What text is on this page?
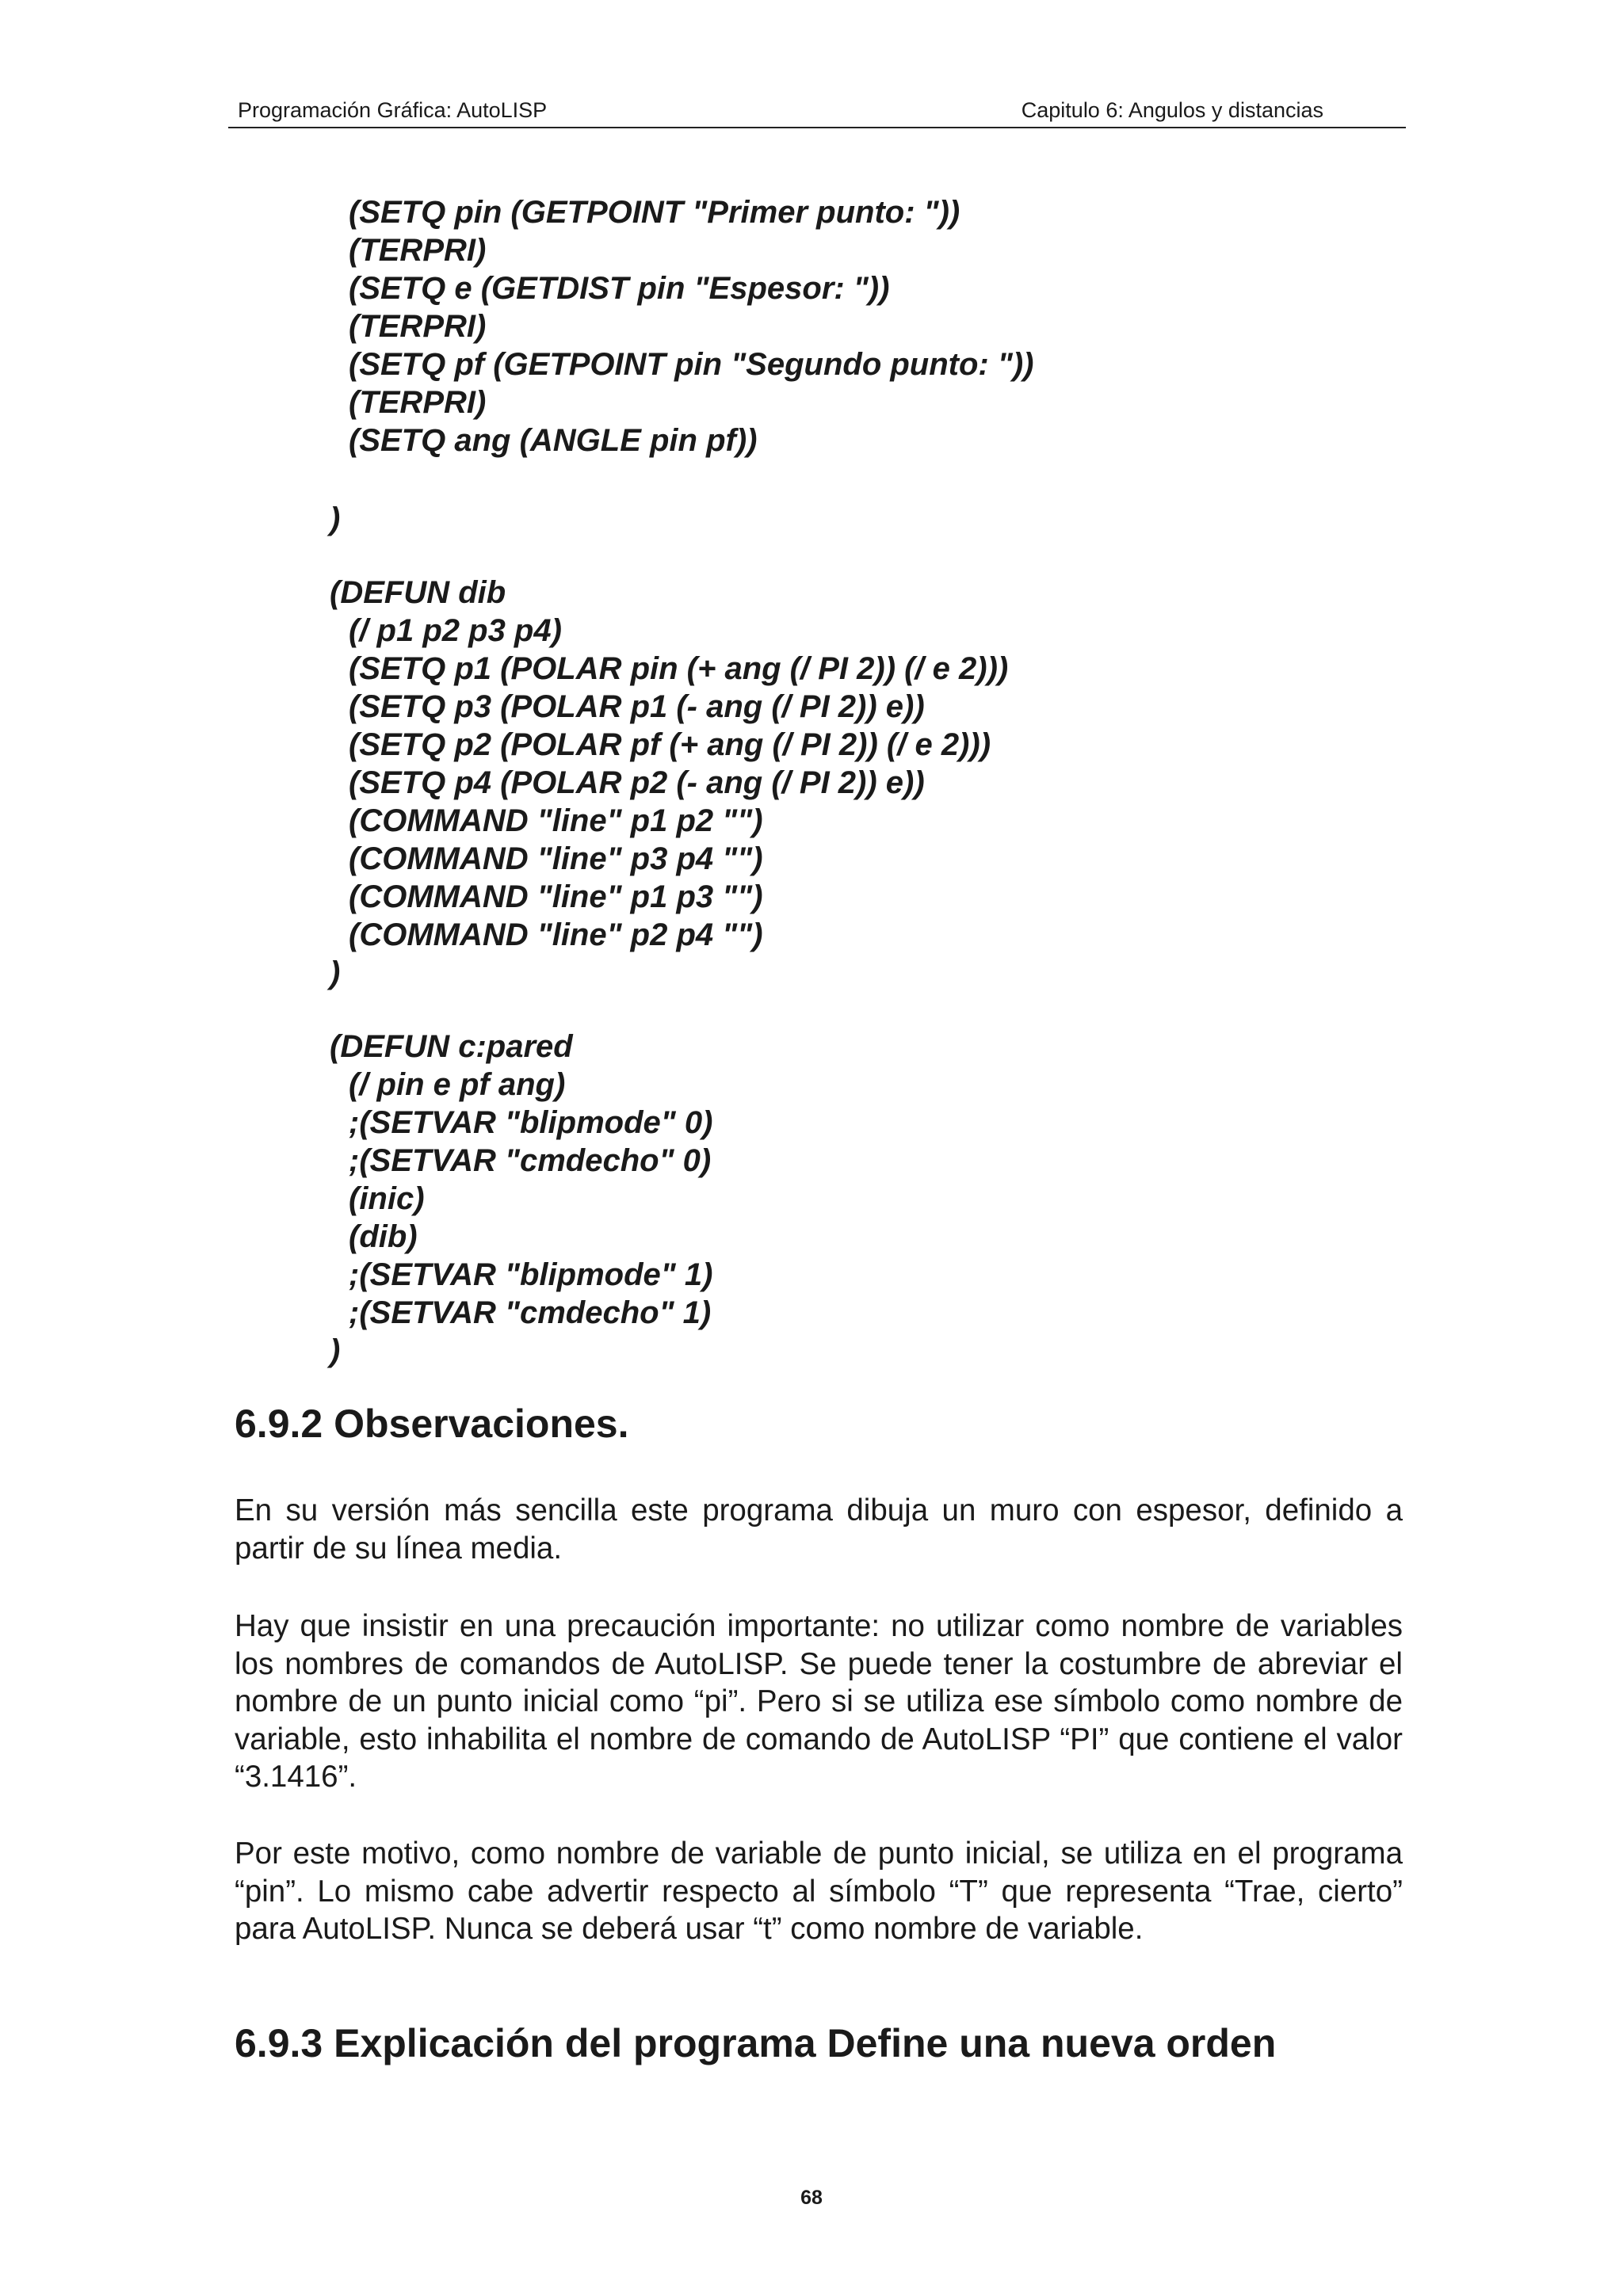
Programación Gráfica: AutoLISP	Capitulo 6: Angulos y distancias
(SETQ pin (GETPOINT "Primer punto: "))
(TERPRI)
(SETQ e (GETDIST pin "Espesor: "))
(TERPRI)
(SETQ pf (GETPOINT pin "Segundo punto: "))
(TERPRI)
(SETQ ang (ANGLE pin pf))
)
(DEFUN dib
(/ p1 p2 p3 p4)
(SETQ p1 (POLAR pin (+ ang (/ PI 2)) (/ e 2)))
(SETQ p3 (POLAR p1 (- ang (/ PI 2)) e))
(SETQ p2 (POLAR pf (+ ang (/ PI 2)) (/ e 2)))
(SETQ p4 (POLAR p2 (- ang (/ PI 2)) e))
(COMMAND "line" p1 p2 "")
(COMMAND "line" p3 p4 "")
(COMMAND "line" p1 p3 "")
(COMMAND "line" p2 p4 "")
)
(DEFUN c:pared
(/ pin e pf ang)
;(SETVAR "blipmode" 0)
;(SETVAR "cmdecho" 0)
(inic)
(dib)
;(SETVAR "blipmode" 1)
;(SETVAR "cmdecho" 1)
)
6.9.2 Observaciones.
En su versión más sencilla este programa dibuja un muro con espesor, definido a partir de su línea media.
Hay que insistir en una precaución importante: no utilizar como nombre de variables los nombres de comandos de AutoLISP. Se puede tener la costumbre de abreviar el nombre de un punto inicial como “pi”. Pero si se utiliza ese símbolo como nombre de variable, esto inhabilita el nombre de comando de AutoLISP “PI” que contiene el valor “3.1416”.
Por este motivo, como nombre de variable de punto inicial, se utiliza en el programa “pin”. Lo mismo cabe advertir respecto al símbolo “T” que representa “Trae, cierto” para AutoLISP. Nunca se deberá usar “t” como nombre de variable.
6.9.3 Explicación del programa Define una nueva orden
68
